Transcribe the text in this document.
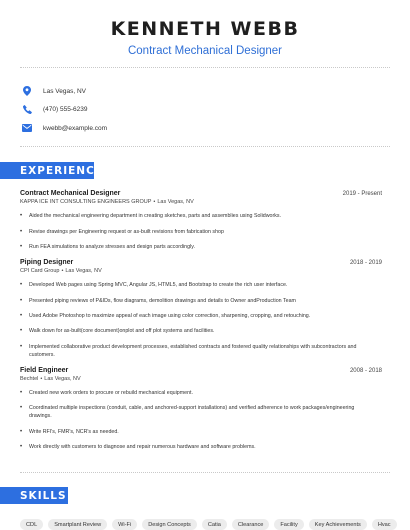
KENNETH WEBB
Contract Mechanical Designer
Las Vegas, NV
(470) 555-6239
kwebb@example.com
EXPERIENCE
Contract Mechanical Designer	2019 - Present
KAPPA ICE INT CONSULTING ENGINEERS GROUP • Las Vegas, NV
•	Aided the mechanical engineering department in creating sketches, parts and assemblies using Solidworks.
•	Revise drawings per Engineering request or as-built revisions from fabrication shop
•	Run FEA simulations to analyze stresses and design parts accordingly.
Piping Designer	2018 - 2019
CPI Card Group • Las Vegas, NV
•	Developed Web pages using Spring MVC, Angular JS, HTML5, and Bootstrap to create the rich user interface.
•	Presented piping reviews of P&IDs, flow diagrams, demolition drawings and details to Owner andProduction Team
•	Used Adobe Photoshop to maximize appeal of each image using color correction, sharpening, cropping, and retouching.
•	Walk down for as-built(core document)onplot and off plot systems and facilities.
•	Implemented collaborative product development processes, established contracts and fostered quality relationships with subcontractors and customers.
Field Engineer	2008 - 2018
Bechtel • Las Vegas, NV
•	Created new work orders to procure or rebuild mechanical equipment.
•	Coordinated multiple inspections (conduit, cable, and anchored-support installations) and verified adherence to work packages/engineering drawings.
•	Write RFI's, FMR's, NCR's as needed.
•	Work directly with customers to diagnose and repair numerous hardware and software problems.
SKILLS
CDL	Smartplant Review	Wi-Fi	Design Concepts	Catia	Clearance	Facility	Key Achievements	Hvac
